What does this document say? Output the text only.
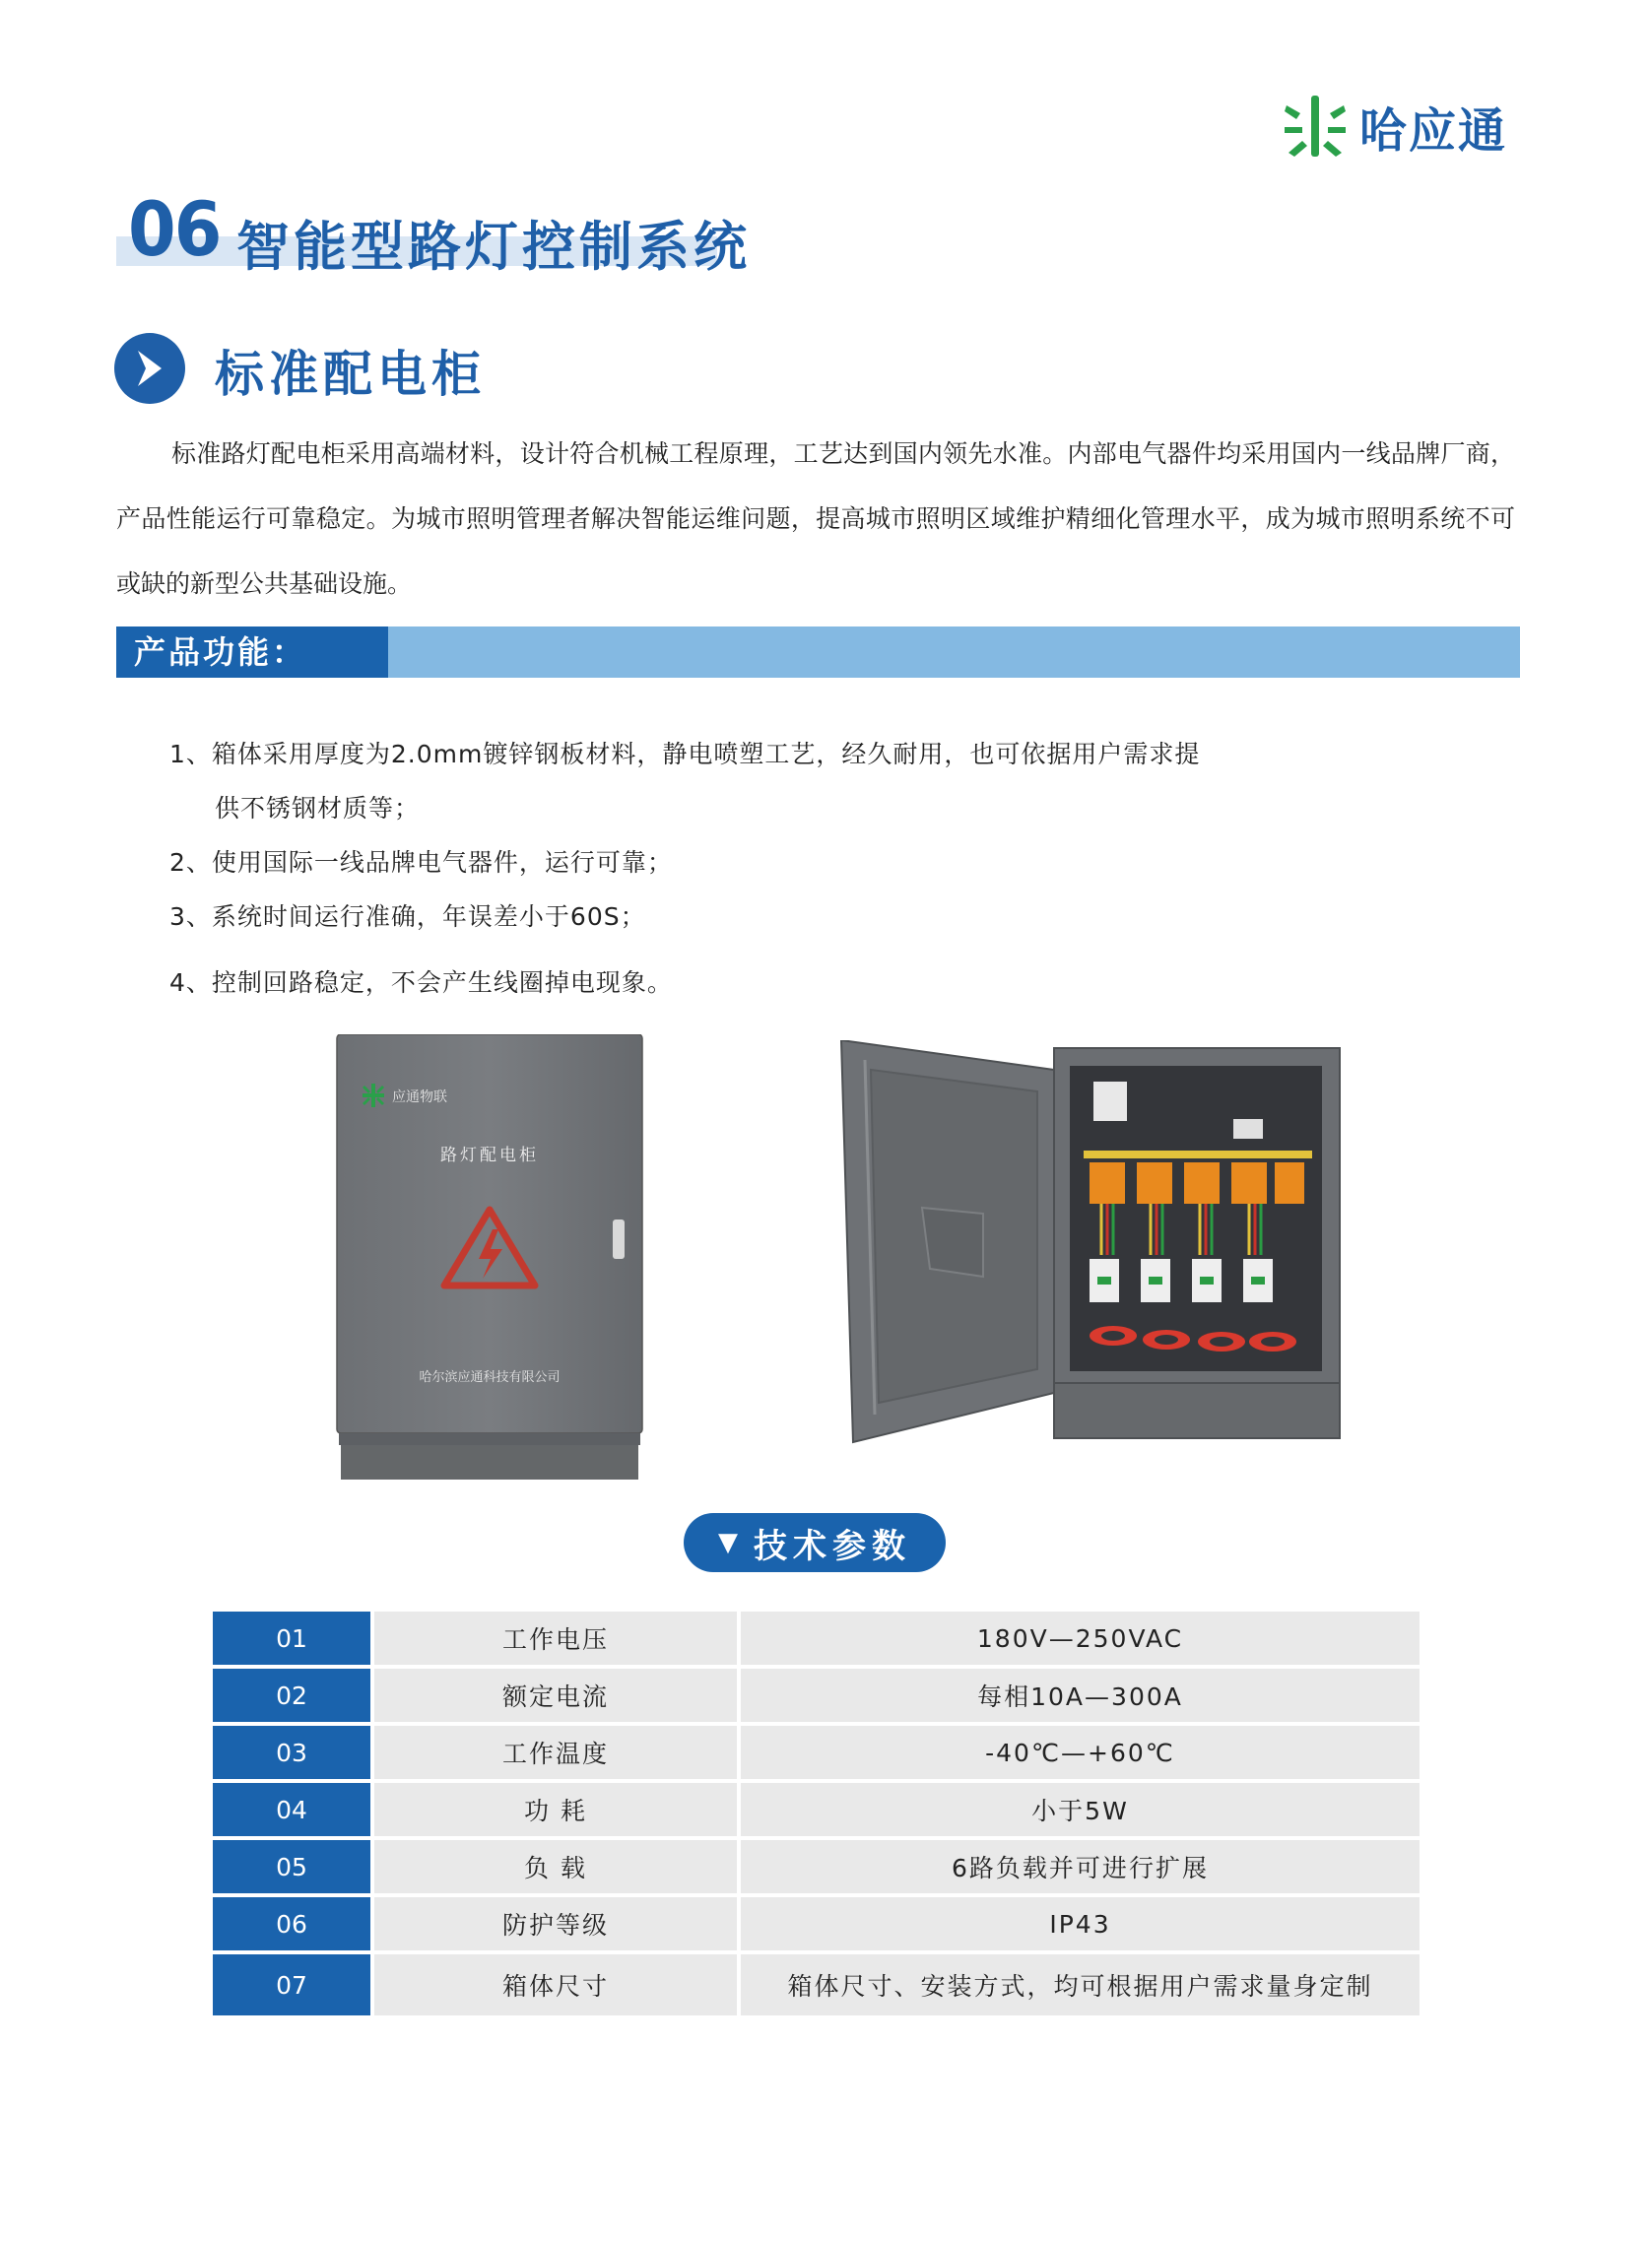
哈应通
06 智能型路灯控制系统
标准配电柜

标准路灯配电柜采用高端材料，设计符合机械工程原理，工艺达到国内领先水准。内部电气器件均采用国内一线品牌厂商，产品性能运行可靠稳定。为城市照明管理者解决智能运维问题，提高城市照明区域维护精细化管理水平，成为城市照明系统不可或缺的新型公共基础设施。

产品功能：
1、箱体采用厚度为2.0mm镀锌钢板材料，静电喷塑工艺，经久耐用，也可依据用户需求提
供不锈钢材质等；
2、使用国际一线品牌电气器件，运行可靠；
3、系统时间运行准确，年误差小于60S；
4、控制回路稳定，不会产生线圈掉电现象。
应通物联
路灯配电柜
哈尔滨应通科技有限公司
▼ 技术参数
01	工作电压	180V—250VAC
02	额定电流	每相10A—300A
03	工作温度	-40℃—+60℃
04	功 耗	小于5W
05	负 载	6路负载并可进行扩展
06	防护等级	IP43
07	箱体尺寸	箱体尺寸、安装方式，均可根据用户需求量身定制
